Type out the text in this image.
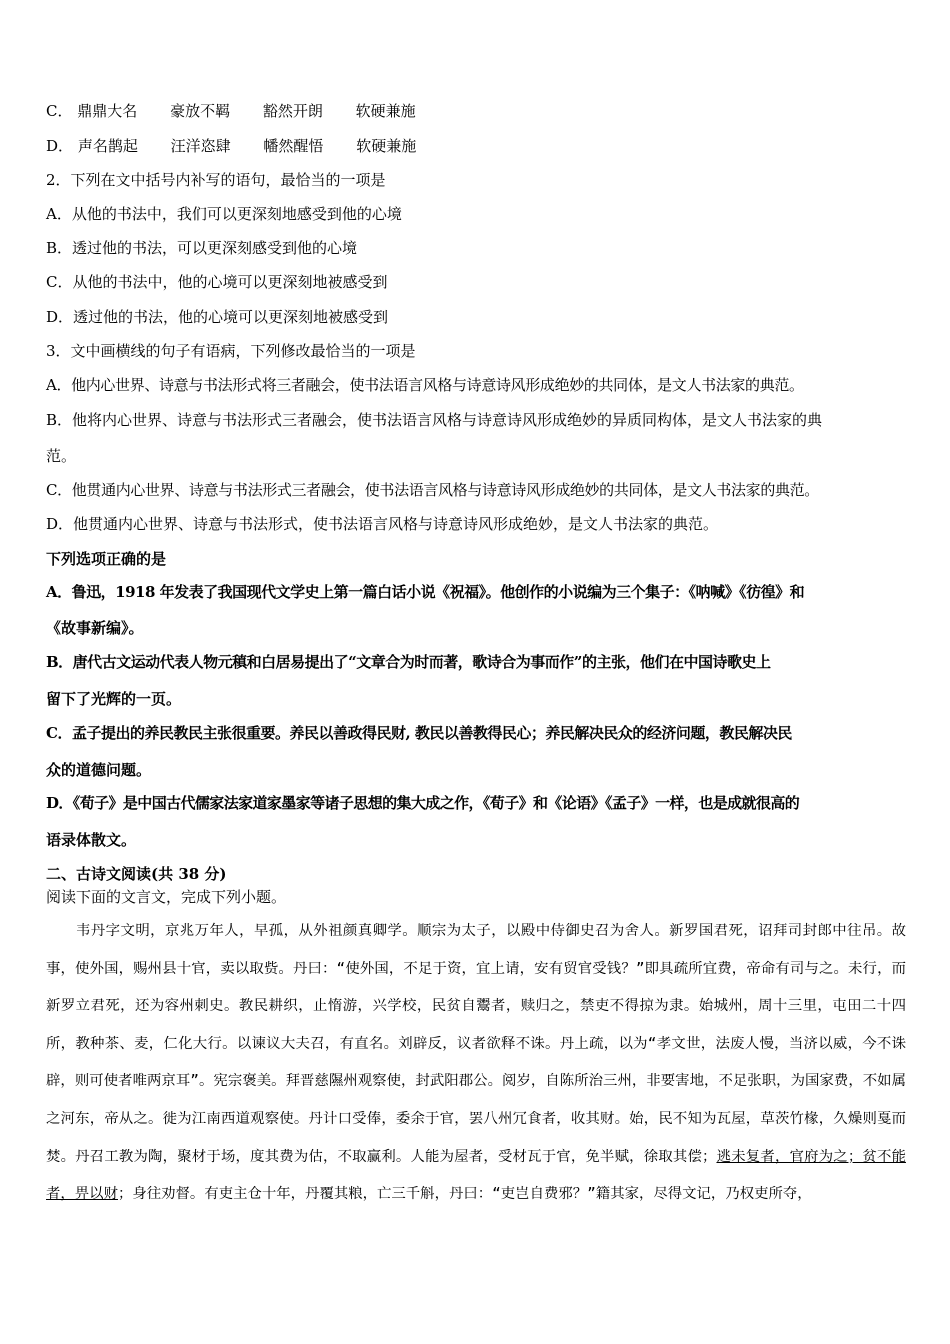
C． 鼎鼎大名 豪放不羁 豁然开朗 软硬兼施
D． 声名鹊起 汪洋恣肆 幡然醒悟 软硬兼施
2．下列在文中括号内补写的语句，最恰当的一项是
A．从他的书法中，我们可以更深刻地感受到他的心境
B．透过他的书法，可以更深刻感受到他的心境
C．从他的书法中，他的心境可以更深刻地被感受到
D．透过他的书法，他的心境可以更深刻地被感受到
3．文中画横线的句子有语病，下列修改最恰当的一项是
A．他内心世界、诗意与书法形式将三者融会，使书法语言风格与诗意诗风形成绝妙的共同体，是文人书法家的典范。
B．他将内心世界、诗意与书法形式三者融会，使书法语言风格与诗意诗风形成绝妙的异质同构体，是文人书法家的典
范。
C．他贯通内心世界、诗意与书法形式三者融会，使书法语言风格与诗意诗风形成绝妙的共同体，是文人书法家的典范。
D．他贯通内心世界、诗意与书法形式，使书法语言风格与诗意诗风形成绝妙，是文人书法家的典范。
下列选项正确的是
A．鲁迅，1918 年发表了我国现代文学史上第一篇白话小说《祝福》。他创作的小说编为三个集子：《呐喊》《彷徨》和
《故事新编》。
B．唐代古文运动代表人物元稹和白居易提出了“文章合为时而著，歌诗合为事而作”的主张，他们在中国诗歌史上
留下了光辉的一页。
C．孟子提出的养民教民主张很重要。养民以善政得民财, 教民以善教得民心；养民解决民众的经济问题，教民解决民
众的道德问题。
D．《荀子》是中国古代儒家法家道家墨家等诸子思想的集大成之作，《荀子》和《论语》《孟子》一样，也是成就很高的
语录体散文。
二、古诗文阅读(共 38 分)
阅读下面的文言文，完成下列小题。

韦丹字文明，京兆万年人，早孤，从外祖颜真卿学。顺宗为太子，以殿中侍御史召为舍人。新罗国君死，诏拜司封郎中往吊。故事，使外国，赐州县十官，卖以取赀。丹曰：“使外国，不足于资，宜上请，安有贸官受钱？”即具疏所宜费，帝命有司与之。未行，而新罗立君死，还为容州刺史。教民耕织，止惰游，兴学校，民贫自鬻者，赎归之，禁吏不得掠为隶。始城州，周十三里，屯田二十四所，教种茶、麦，仁化大行。以谏议大夫召，有直名。刘辟反，议者欲释不诛。丹上疏，以为“孝文世，法废人慢，当济以威，今不诛辟，则可使者唯两京耳”。宪宗褒美。拜晋慈隰州观察使，封武阳郡公。阅岁，自陈所治三州，非要害地，不足张职，为国家费，不如属之河东，帝从之。徙为江南西道观察使。丹计口受俸，委余于官，罢八州冗食者，收其财。始，民不知为瓦屋，草茨竹椽，久燥则戛而焚。丹召工教为陶，聚材于场，度其费为估，不取赢利。人能为屋者，受材瓦于官，免半赋，徐取其偿；逃未复者，官府为之；贫不能者，畀以财；身往劝督。有吏主仓十年，丹覆其粮，亡三千斛，丹曰：“吏岂自费邪？”籍其家，尽得文记，乃权吏所夺，
